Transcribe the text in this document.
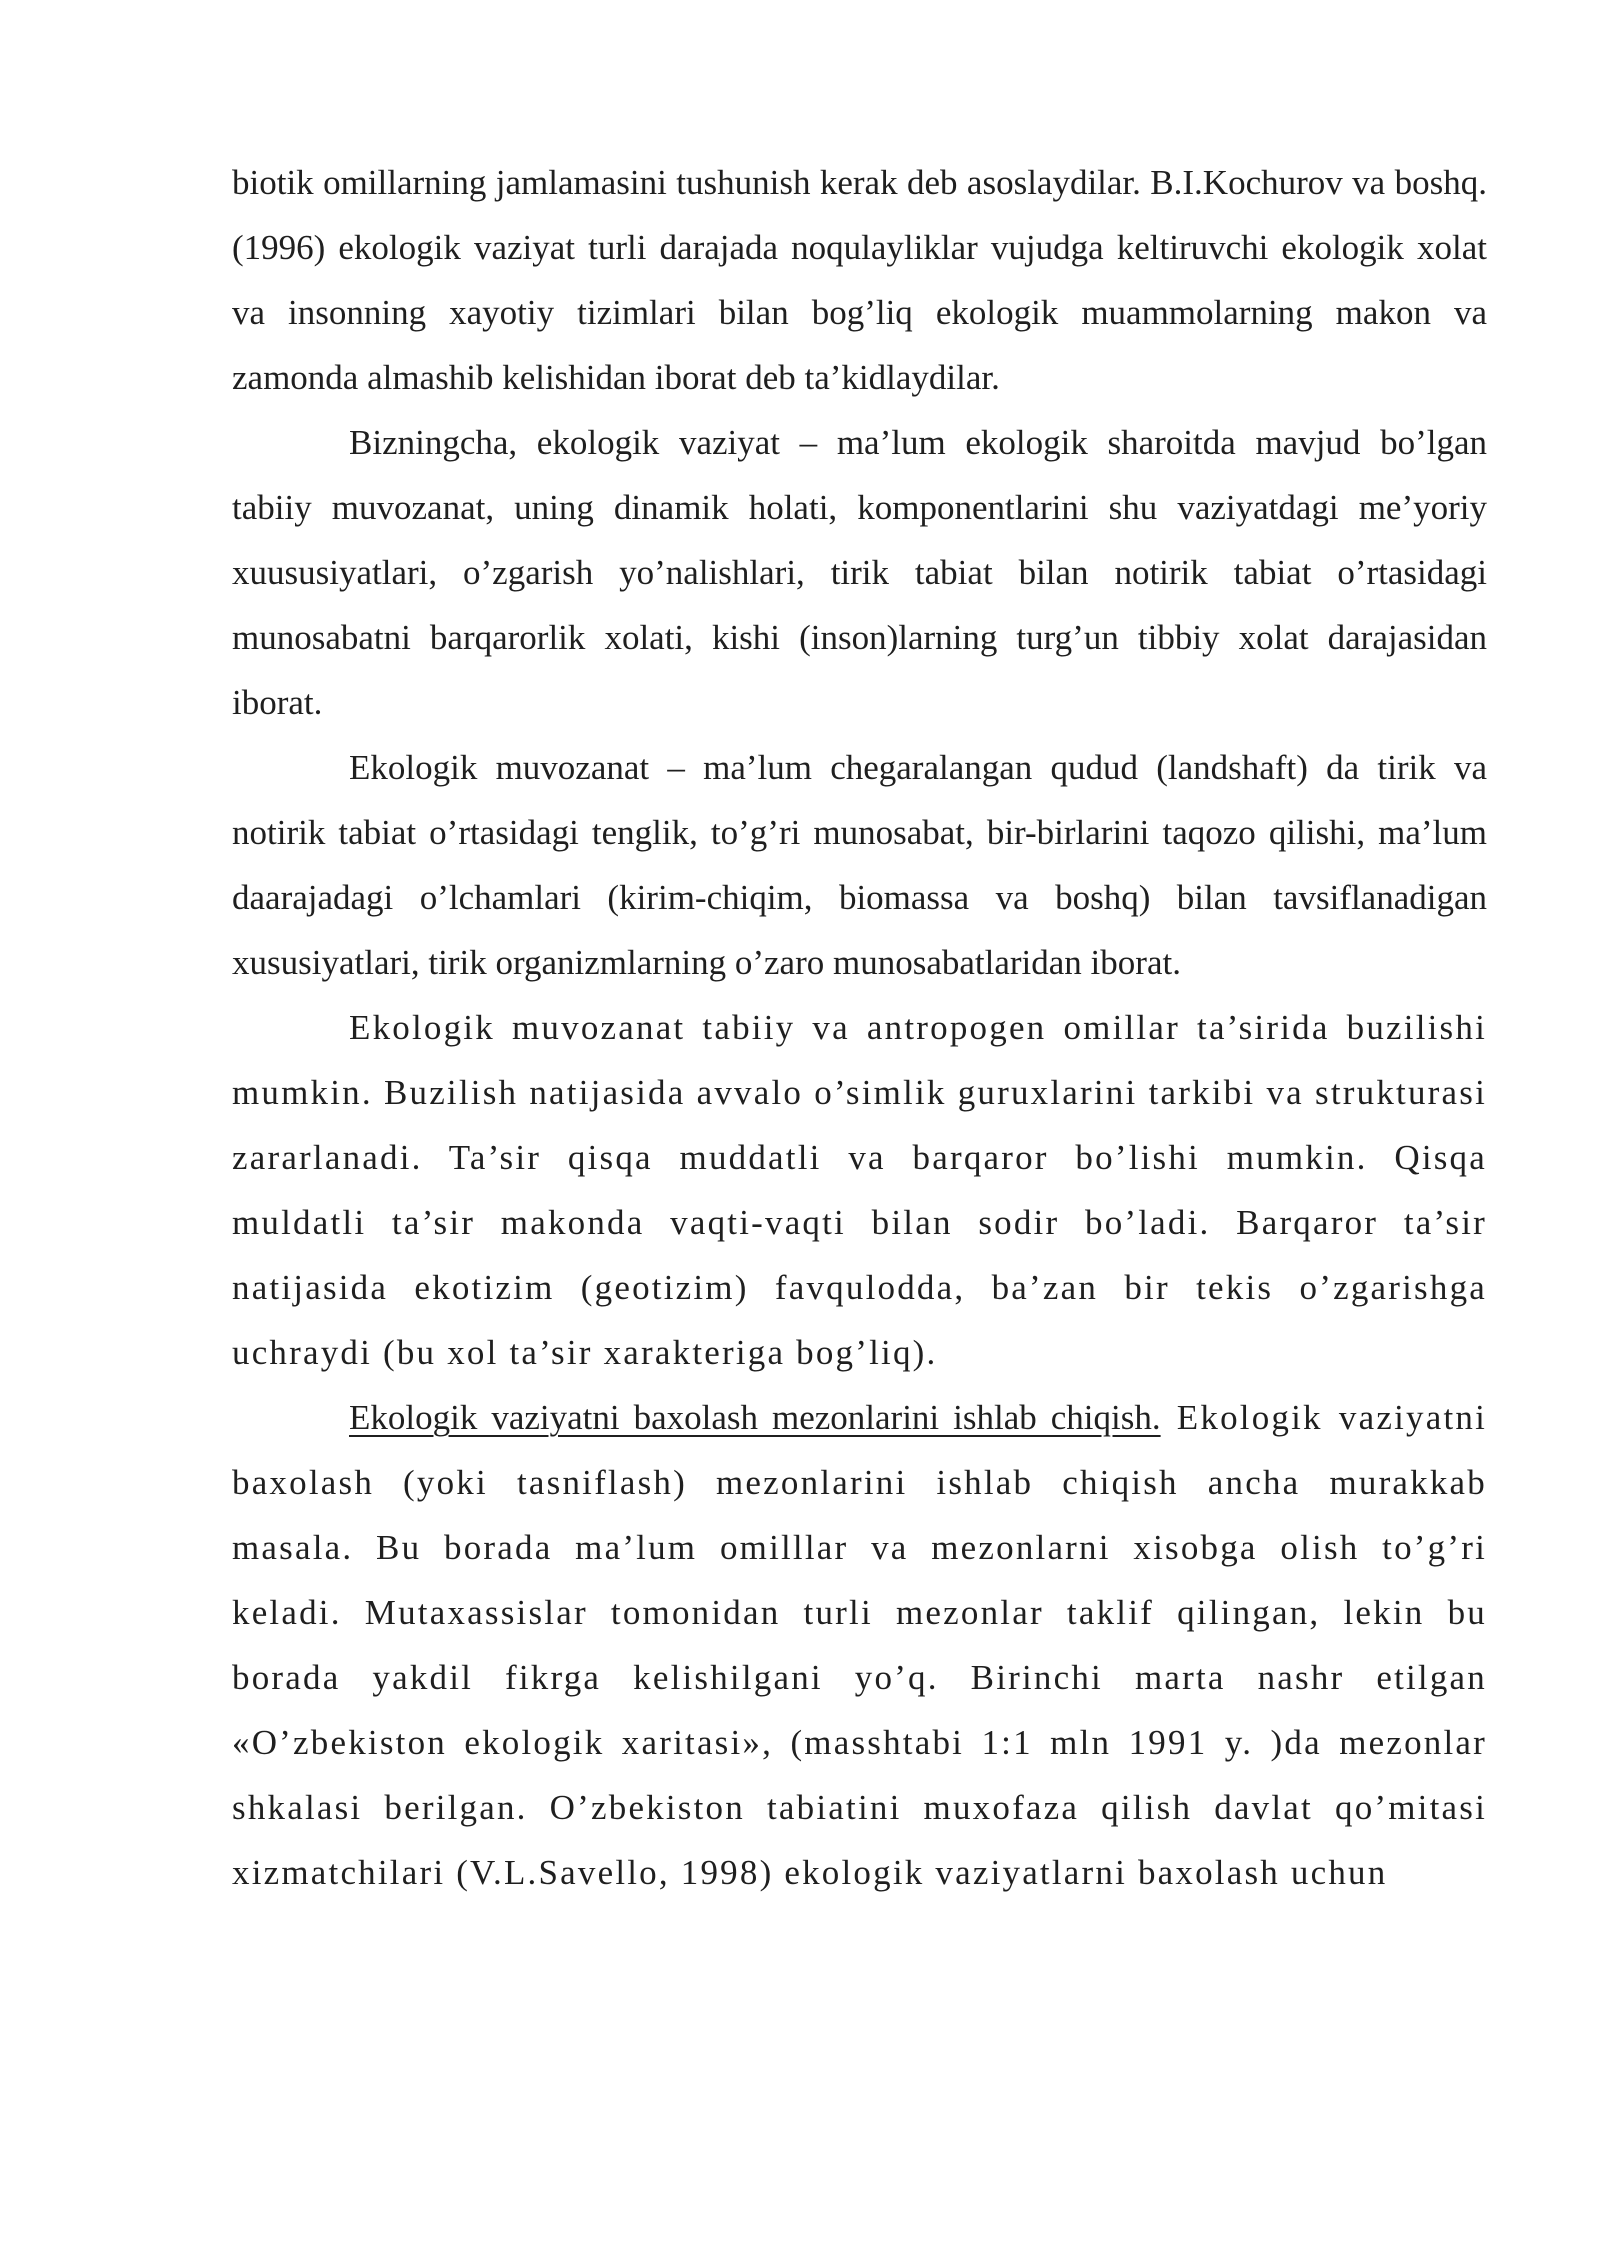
biotik omillarning jamlamasini tushunish kerak deb asoslaydilar. B.I.Kochurov va boshq. (1996) ekologik vaziyat turli darajada noqulayliklar vujudga keltiruvchi ekologik xolat va insonning xayotiy tizimlari bilan bog’liq ekologik muammolarning makon va zamonda almashib kelishidan iborat deb ta’kidlaydilar.

Bizningcha, ekologik vaziyat – ma’lum ekologik sharoitda mavjud bo’lgan tabiiy muvozanat, uning dinamik holati, komponentlarini shu vaziyatdagi me’yoriy xuususiyatlari, o’zgarish yo’nalishlari, tirik tabiat bilan notirik tabiat o’rtasidagi munosabatni barqarorlik xolati, kishi (inson)larning turg’un tibbiy xolat darajasidan iborat.

Ekologik muvozanat – ma’lum chegaralangan qudud (landshaft) da tirik va notirik tabiat o’rtasidagi tenglik, to’g’ri munosabat, bir-birlarini taqozo qilishi, ma’lum daarajadagi o’lchamlari (kirim-chiqim, biomassa va boshq) bilan tavsiflanadigan xususiyatlari, tirik organizmlarning o’zaro munosabatlaridan iborat.

Ekologik muvozanat tabiiy va antropogen omillar ta’sirida buzilishi mumkin. Buzilish natijasida avvalo o’simlik guruxlarini tarkibi va strukturasi zararlanadi. Ta’sir qisqa muddatli va barqaror bo’lishi mumkin. Qisqa muldatli ta’sir makonda vaqti-vaqti bilan sodir bo’ladi. Barqaror ta’sir natijasida ekotizim (geotizim) favqulodda, ba’zan bir tekis o’zgarishga uchraydi (bu xol ta’sir xarakteriga bog’liq).

Ekologik vaziyatni baxolash mezonlarini ishlab chiqish. Ekologik vaziyatni baxolash (yoki tasniflash) mezonlarini ishlab chiqish ancha murakkab masala. Bu borada ma’lum omilllar va mezonlarni xisobga olish to’g’ri keladi. Mutaxassislar tomonidan turli mezonlar taklif qilingan, lekin bu borada yakdil fikrga kelishilgani yo’q. Birinchi marta nashr etilgan «O’zbekiston ekologik xaritasi», (masshtabi 1:1 mln 1991 y. )da mezonlar shkalasi berilgan. O’zbekiston tabiatini muxofaza qilish davlat qo’mitasi xizmatchilari (V.L.Savello, 1998) ekologik vaziyatlarni baxolash uchun
